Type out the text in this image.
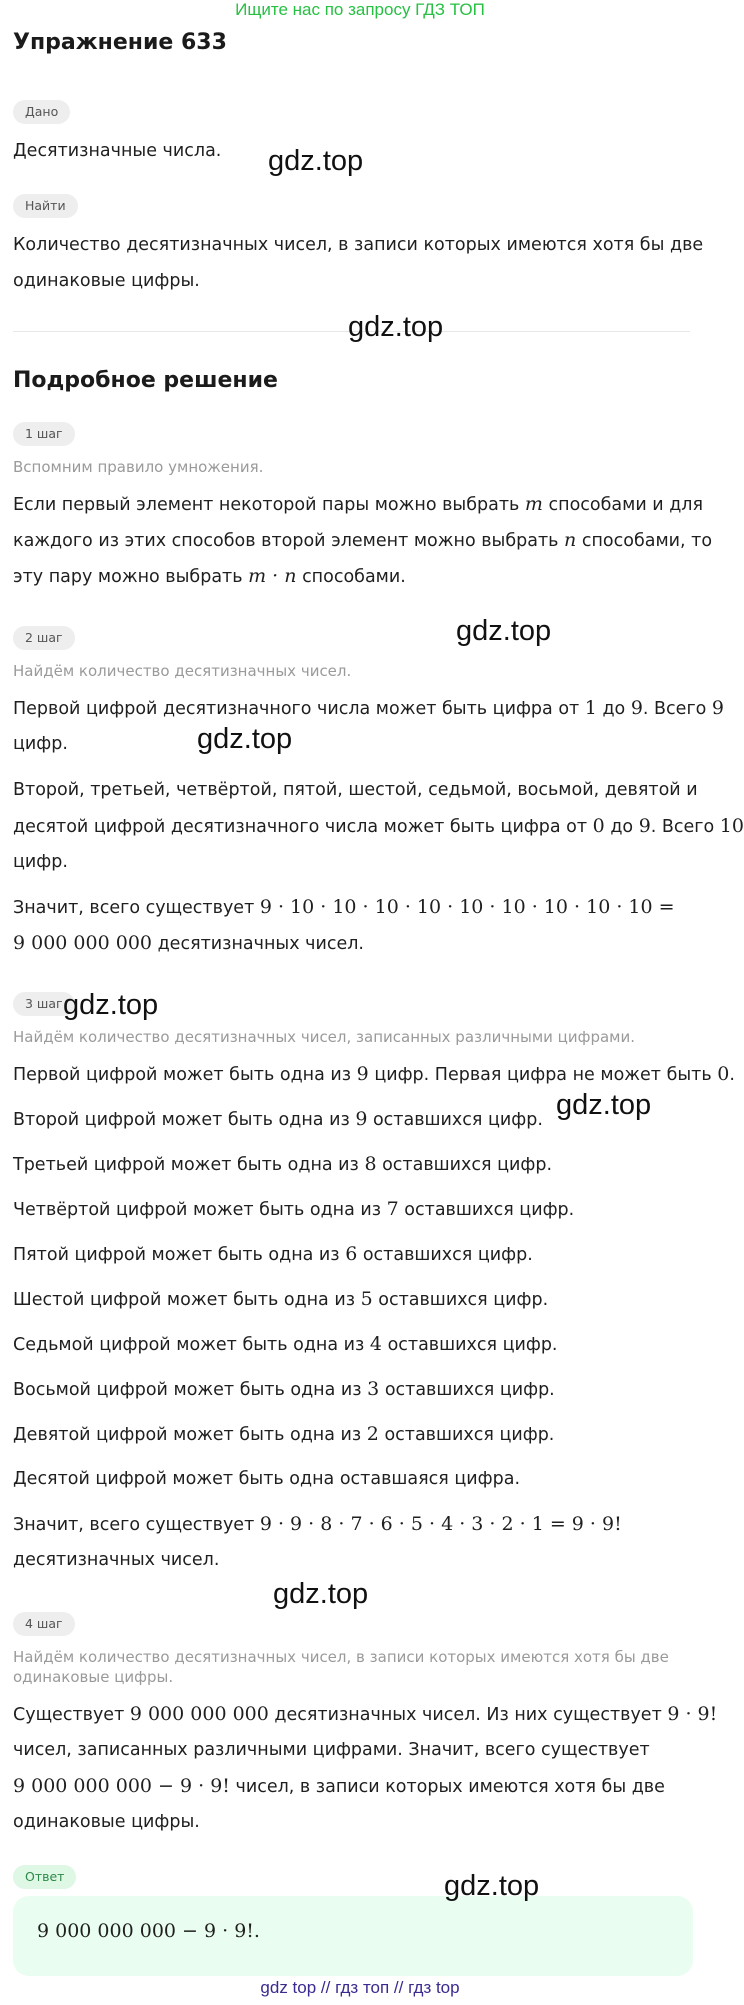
Ищите нас по запросу ГДЗ ТОП
Упражнение 633
Дано
Десятизначные числа.
Найти
Количество десятизначных чисел, в записи которых имеются хотя бы две
одинаковые цифры.
Подробное решение
1 шаг
Вспомним правило умножения.
Если первый элемент некоторой пары можно выбрать m способами и для
каждого из этих способов второй элемент можно выбрать n способами, то
эту пару можно выбрать m · n способами.
2 шаг
Найдём количество десятизначных чисел.
Первой цифрой десятизначного числа может быть цифра от 1 до 9. Всего 9
цифр.
Второй, третьей, четвёртой, пятой, шестой, седьмой, восьмой, девятой и
десятой цифрой десятизначного числа может быть цифра от 0 до 9. Всего 10
цифр.
Значит, всего существует 9 · 10 · 10 · 10 · 10 · 10 · 10 · 10 · 10 · 10 =
9 000 000 000 десятизначных чисел.
3 шаг
Найдём количество десятизначных чисел, записанных различными цифрами.
Первой цифрой может быть одна из 9 цифр. Первая цифра не может быть 0.
Второй цифрой может быть одна из 9 оставшихся цифр.
Третьей цифрой может быть одна из 8 оставшихся цифр.
Четвёртой цифрой может быть одна из 7 оставшихся цифр.
Пятой цифрой может быть одна из 6 оставшихся цифр.
Шестой цифрой может быть одна из 5 оставшихся цифр.
Седьмой цифрой может быть одна из 4 оставшихся цифр.
Восьмой цифрой может быть одна из 3 оставшихся цифр.
Девятой цифрой может быть одна из 2 оставшихся цифр.
Десятой цифрой может быть одна оставшаяся цифра.
Значит, всего существует 9 · 9 · 8 · 7 · 6 · 5 · 4 · 3 · 2 · 1 = 9 · 9!
десятизначных чисел.
4 шаг
Найдём количество десятизначных чисел, в записи которых имеются хотя бы две
одинаковые цифры.
Существует 9 000 000 000 десятизначных чисел. Из них существует 9 · 9!
чисел, записанных различными цифрами. Значит, всего существует
9 000 000 000 − 9 · 9! чисел, в записи которых имеются хотя бы две
одинаковые цифры.
Ответ
9 000 000 000 − 9 · 9!.
gdz.top
gdz.top
gdz.top
gdz.top
gdz.top
gdz.top
gdz.top
gdz.top
gdz top // гдз топ // гдз top
